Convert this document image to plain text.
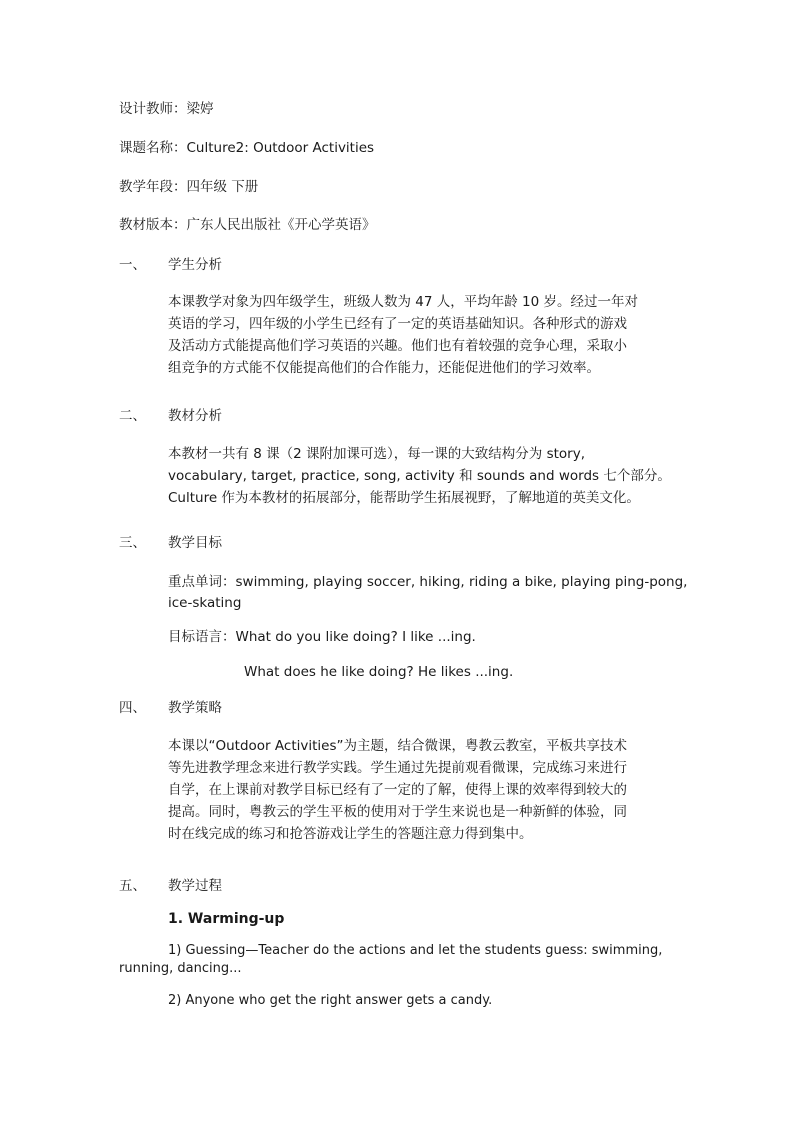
设计教师：梁婷
课题名称：Culture2: Outdoor Activities
教学年段：四年级 下册
教材版本：广东人民出版社《开心学英语》
一、 学生分析

本课教学对象为四年级学生，班级人数为 47 人，平均年龄 10 岁。经过一年对

英语的学习，四年级的小学生已经有了一定的英语基础知识。各种形式的游戏

及活动方式能提高他们学习英语的兴趣。他们也有着较强的竞争心理，采取小

组竞争的方式能不仅能提高他们的合作能力，还能促进他们的学习效率。

二、 教材分析

本教材一共有 8 课（2 课附加课可选），每一课的大致结构分为 story,

vocabulary, target, practice, song, activity 和 sounds and words 七个部分。

Culture 作为本教材的拓展部分，能帮助学生拓展视野，了解地道的英美文化。

三、 教学目标
重点单词：swimming, playing soccer, hiking, riding a bike, playing ping-pong,
ice-skating
目标语言：What do you like doing? I like ...ing.
What does he like doing? He likes ...ing.
四、 教学策略

本课以“Outdoor Activities”为主题，结合微课，粤教云教室，平板共享技术

等先进教学理念来进行教学实践。学生通过先提前观看微课，完成练习来进行

自学，在上课前对教学目标已经有了一定的了解，使得上课的效率得到较大的

提高。同时，粤教云的学生平板的使用对于学生来说也是一种新鲜的体验，同

时在线完成的练习和抢答游戏让学生的答题注意力得到集中。

五、 教学过程
1. Warming-up
1) Guessing—Teacher do the actions and let the students guess: swimming,
running, dancing...
2) Anyone who get the right answer gets a candy.
